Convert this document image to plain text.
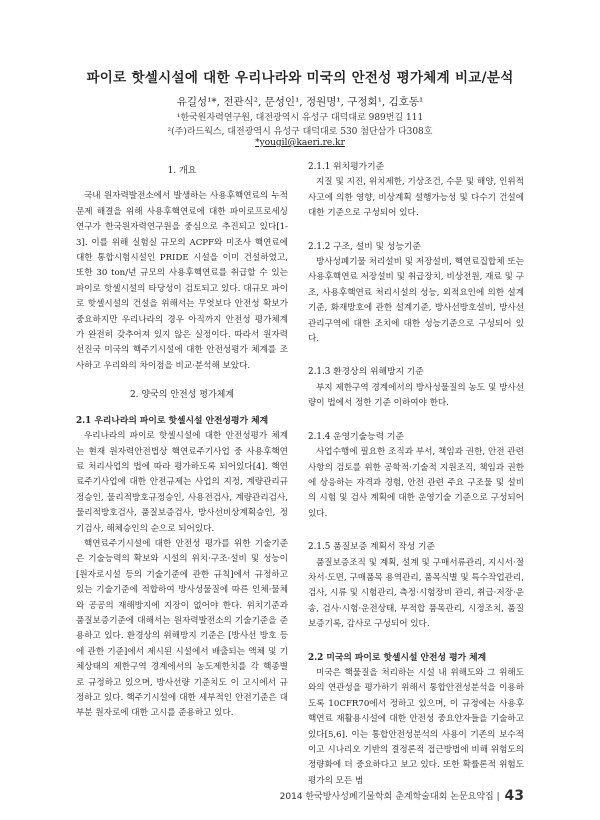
파이로 핫셀시설에 대한 우리나라와 미국의 안전성 평가체계 비교/분석
유길성¹*, 전관식², 문성인¹, 정원명¹, 구정회¹, 김호동¹
¹한국원자력연구원, 대전광역시 유성구 대덕대로 989번길 111
²(주)라드웍스, 대전광역시 유성구 대덕대로 530 첨단삼가 다308호
*yougil@kaeri.re.kr
1. 개요

국내 원자력발전소에서 발생하는 사용후핵연료의 누적문제 해결을 위해 사용후핵연료에 대한 파이로프로세싱 연구가 한국원자력연구원을 중심으로 추진되고 있다[1-3]. 이를 위해 실험실 규모의 ACPF와 미조사 핵연료에 대한 통합시험시설인 PRIDE 시설을 이미 건설하였고, 또한 30 ton/년 규모의 사용후핵연료를 취급할 수 있는 파이로 핫셀시설의 타당성이 검토되고 있다. 대규모 파이로 핫셀시설의 건설을 위해서는 무엇보다 안전성 확보가 중요하지만 우리나라의 경우 아직까지 안전성 평가체계가 완전히 갖추어져 있지 않은 실정이다. 따라서 원자력 선진국 미국의 핵주기시설에 대한 안전성평가 체계를 조사하고 우리와의 차이점을 비교·분석해 보았다.

2. 양국의 안전성 평가체계
2.1 우리나라의 파이로 핫셀시설 안전성평가 체계

우리나라의 파이로 핫셀시설에 대한 안전성평가 체계는 현재 원자력안전법상 핵연료주기사업 중 사용후핵연료 처리사업의 법에 따라 평가하도록 되어있다[4]. 핵연료주기사업에 대한 안전규제는 사업의 지정, 계량관리규정승인, 물리적방호규정승인, 사용전검사, 계량관리검사, 물리적방호검사, 품질보증검사, 방사선비상계획승인, 정기검사, 해체승인의 순으로 되어있다.

핵연료주기시설에 대한 안전성 평가를 위한 기술기준은 기술능력의 확보와 시설의 위치·구조·설비 및 성능이 [원자로시설 등의 기술기준에 관한 규칙]에서 규정하고 있는 기술기준에 적합하여 방사성물질에 따른 인체·물체와 공공의 재해방지에 지장이 없어야 한다. 위치기준과 품질보증기준에 대해서는 원자력발전소의 기술기준을 준용하고 있다. 환경상의 위해방지 기준은 [방사선 방호 등에 관한 기준]에서 제시된 시설에서 배출되는 액체 및 기체상태의 제한구역 경계에서의 농도제한치를 각 핵종별로 규정하고 있으며, 방사선량 기준치도 이 고시에서 규정하고 있다. 핵주기시설에 대한 세부적인 안전기준은 대부분 원자로에 대한 고시를 준용하고 있다.

2.1.1 위치평가기준

지질 및 지진, 위치제한, 기상조건, 수문 및 해양, 인위적 사고에 의한 영향, 비상계획 설행가능성 및 다수기 건설에 대한 기준으로 구성되어 있다.

2.1.2 구조, 설비 및 성능기준

방사성폐기물 처리설비 및 저장설비, 핵연료집합체 또는 사용후핵연료 저장설비 및 취급장치, 비상전원, 재료 및 구조, 사용후핵연료 처리시설의 성능, 외적요인에 의한 설계기준, 화재방호에 관한 설계기준, 방사선방호설비, 방사선관리구역에 대한 조치에 대한 성능기준으로 구성되어 있다.

2.1.3 환경상의 위해방지 기준

부지 제한구역 경계에서의 방사성물질의 농도 및 방사선량이 법에서 정한 기준 이하여야 한다.

2.1.4 운영기술능력 기준

사업수행에 필요한 조직과 부서, 책임과 권한, 안전 관련 사항의 검토를 위한 공학적·기술적 지원조직, 책임과 권한에 상응하는 자격과 경험, 안전 관련 주요 구조물 및 설비의 시험 및 검사 계획에 대한 운영기술 기준으로 구성되어 있다.

2.1.5 품질보증 계획서 작성 기준

품질보증조직 및 계획, 설계 및 구매서류관리, 지시서·절차서·도면, 구매품목 용역관리, 품목식별 및 특수작업관리, 검사, 시류 및 시험관리, 측정·시험장비 관리, 취급·저장·운송, 검사·시험·운전상태, 부적합 품목관리, 시정조치, 품질보증기록, 감사로 구성되어 있다.

2.2 미국의 파이로 핫셀시설 안전성 평가 체계

미국은 핵물질을 처리하는 시설 내 위해도와 그 위해도와의 연관성을 평가하기 위해서 통합안전성분석을 이용하도록 10CFR70에서 정하고 있으며, 이 규정에는 사용후핵연료 재활용시설에 대한 안전성 중요안자들을 기술하고 있다[5,6]. 이는 통합안전성분석의 사용이 기존의 보수적이고 시나리오 기반의 결정론적 접근방법에 비해 위험도의 정량화에 더 중요하다고 보고 있다. 또한 확률론적 위험도 평가의 모든 범

2014 한국방사성폐기물학회 춘계학술대회 논문요약집 | 43
